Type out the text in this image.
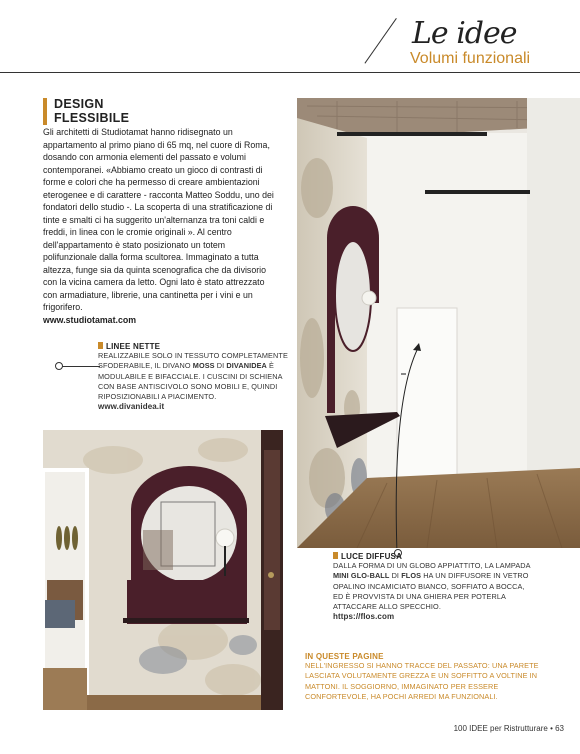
Le idee
Volumi funzionali
DESIGN
FLESSIBILE
Gli architetti di Studiotamat hanno ridisegnato un appartamento al primo piano di 65 mq, nel cuore di Roma, dosando con armonia elementi del passato e volumi contemporanei. «Abbiamo creato un gioco di contrasti di forme e colori che ha permesso di creare ambientazioni eterogenee e di carattere - racconta Matteo Soddu, uno dei fondatori dello studio -. La scoperta di una stratificazione di tinte e smalti ci ha suggerito un'alternanza tra toni caldi e freddi, in linea con le cromie originali ». Al centro dell'appartamento è stato posizionato un totem polifunzionale dalla forma scultorea. Immaginato a tutta altezza, funge sia da quinta scenografica che da divisorio con la vicina camera da letto. Ogni lato è stato attrezzato con armadiature, librerie, una cantinetta per i vini e un frigorifero.
www.studiotamat.com
LINEE NETTE
REALIZZABILE SOLO IN TESSUTO COMPLETAMENTE SFODERABILE, IL DIVANO MOSS DI DIVANIDEA È MODULABILE E BIFACCIALE. I CUSCINI DI SCHIENA CON BASE ANTISCIVOLO SONO MOBILI E, QUINDI RIPOSIZIONABILI A PIACIMENTO.
www.divanidea.it
LUCE DIFFUSA
DALLA FORMA DI UN GLOBO APPIATTITO, LA LAMPADA MINI GLO-BALL DI FLOS HA UN DIFFUSORE IN VETRO OPALINO INCAMICIATO BIANCO, SOFFIATO A BOCCA, ED È PROVVISTA DI UNA GHIERA PER POTERLA ATTACCARE ALLO SPECCHIO.
https://flos.com
IN QUESTE PAGINE
NELL'INGRESSO SI HANNO TRACCE DEL PASSATO: UNA PARETE LASCIATA VOLUTAMENTE GREZZA E UN SOFFITTO A VOLTINE IN MATTONI. IL SOGGIORNO, IMMAGINATO PER ESSERE CONFORTEVOLE, HA POCHI ARREDI MA FUNZIONALI.
100 IDEE per Ristrutturare • 63
